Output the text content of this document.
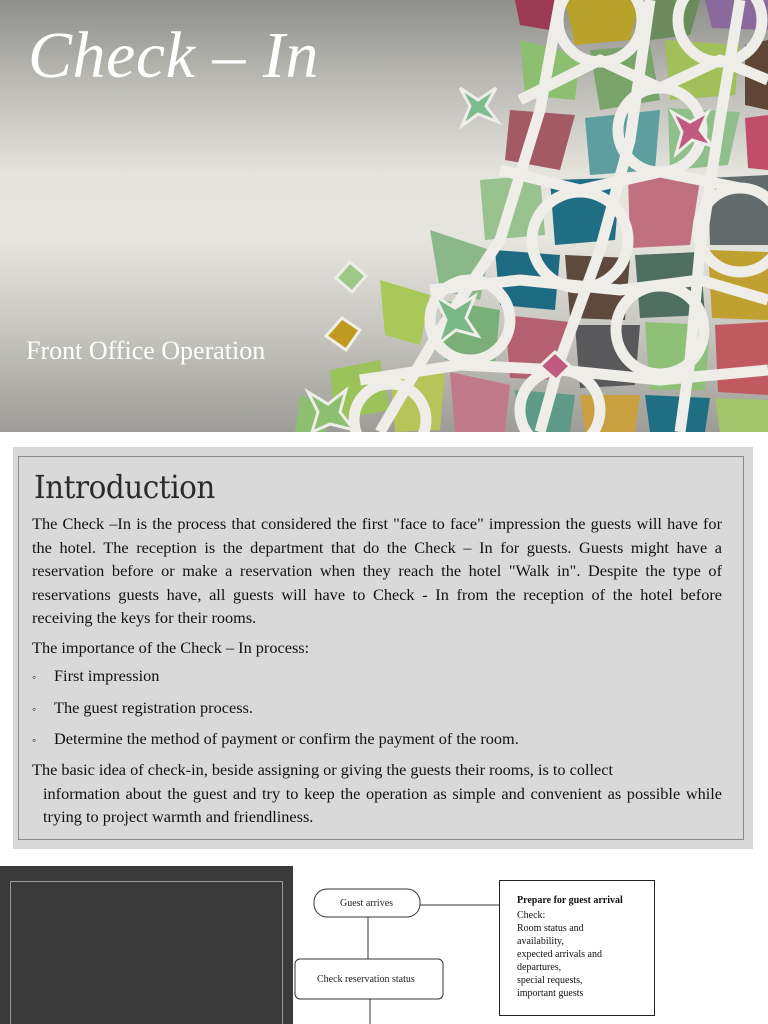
Check – In
Front Office Operation
Introduction
The Check –In is the process that considered the first "face to face" impression the guests will have for the hotel. The reception is the department that do the Check – In for guests. Guests might have a reservation before or make a reservation when they reach the hotel "Walk in". Despite the type of reservations guests have, all guests will have to Check - In from the reception of the hotel before receiving the keys for their rooms.
The importance of the Check – In process:
◦ First impression
◦ The guest registration process.
◦ Determine the method of payment or confirm the payment of the room.
The basic idea of check-in, beside assigning or giving the guests their rooms, is to collect
information about the guest and try to keep the operation as simple and convenient as possible while trying to project warmth and friendliness.
Guest arrives
Check reservation status
Prepare for guest arrival
Check:
Room status and
availability,
expected arrivals and
departures,
special requests,
important guests
